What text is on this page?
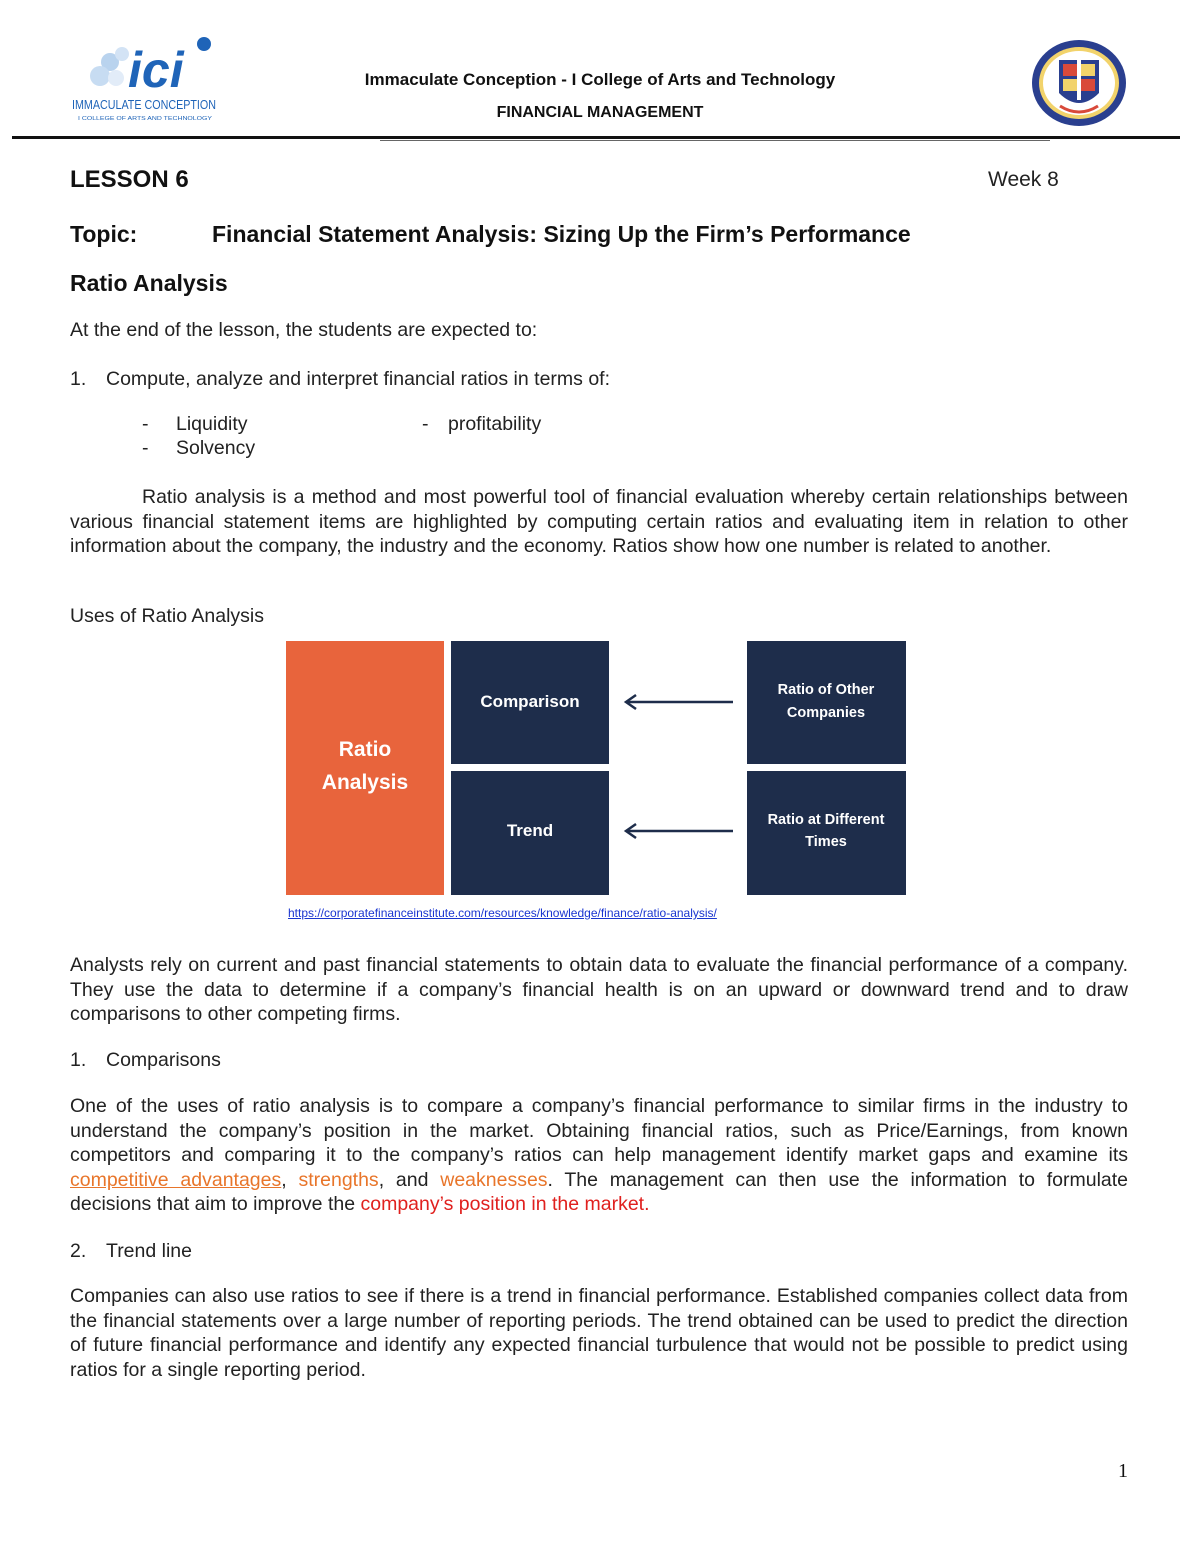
ici
IMMACULATE CONCEPTION
I COLLEGE OF ARTS AND TECHNOLOGY
Immaculate Conception - I College of Arts and Technology
FINANCIAL MANAGEMENT
LESSON 6	Week 8
Topic:	Financial Statement Analysis: Sizing Up the Firm’s Performance
Ratio Analysis
At the end of the lesson, the students are expected to:
1. Compute, analyze and interpret financial ratios in terms of:
- Liquidity	- profitability
- Solvency
Ratio analysis is a method and most powerful tool of financial evaluation whereby certain relationships between various financial statement items are highlighted by computing certain ratios and evaluating item in relation to other information about the company, the industry and the economy. Ratios show how one number is related to another.
Uses of Ratio Analysis
Ratio
Analysis
Comparison
Trend
Ratio of Other
Companies
Ratio at Different
Times
https://corporatefinanceinstitute.com/resources/knowledge/finance/ratio-analysis/
Analysts rely on current and past financial statements to obtain data to evaluate the financial performance of a company. They use the data to determine if a company’s financial health is on an upward or downward trend and to draw comparisons to other competing firms.
1. Comparisons
One of the uses of ratio analysis is to compare a company’s financial performance to similar firms in the industry to understand the company’s position in the market. Obtaining financial ratios, such as Price/Earnings, from known competitors and comparing it to the company’s ratios can help management identify market gaps and examine its competitive advantages, strengths, and weaknesses. The management can then use the information to formulate decisions that aim to improve the company’s position in the market.
2. Trend line
Companies can also use ratios to see if there is a trend in financial performance. Established companies collect data from the financial statements over a large number of reporting periods. The trend obtained can be used to predict the direction of future financial performance and identify any expected financial turbulence that would not be possible to predict using ratios for a single reporting period.
1
